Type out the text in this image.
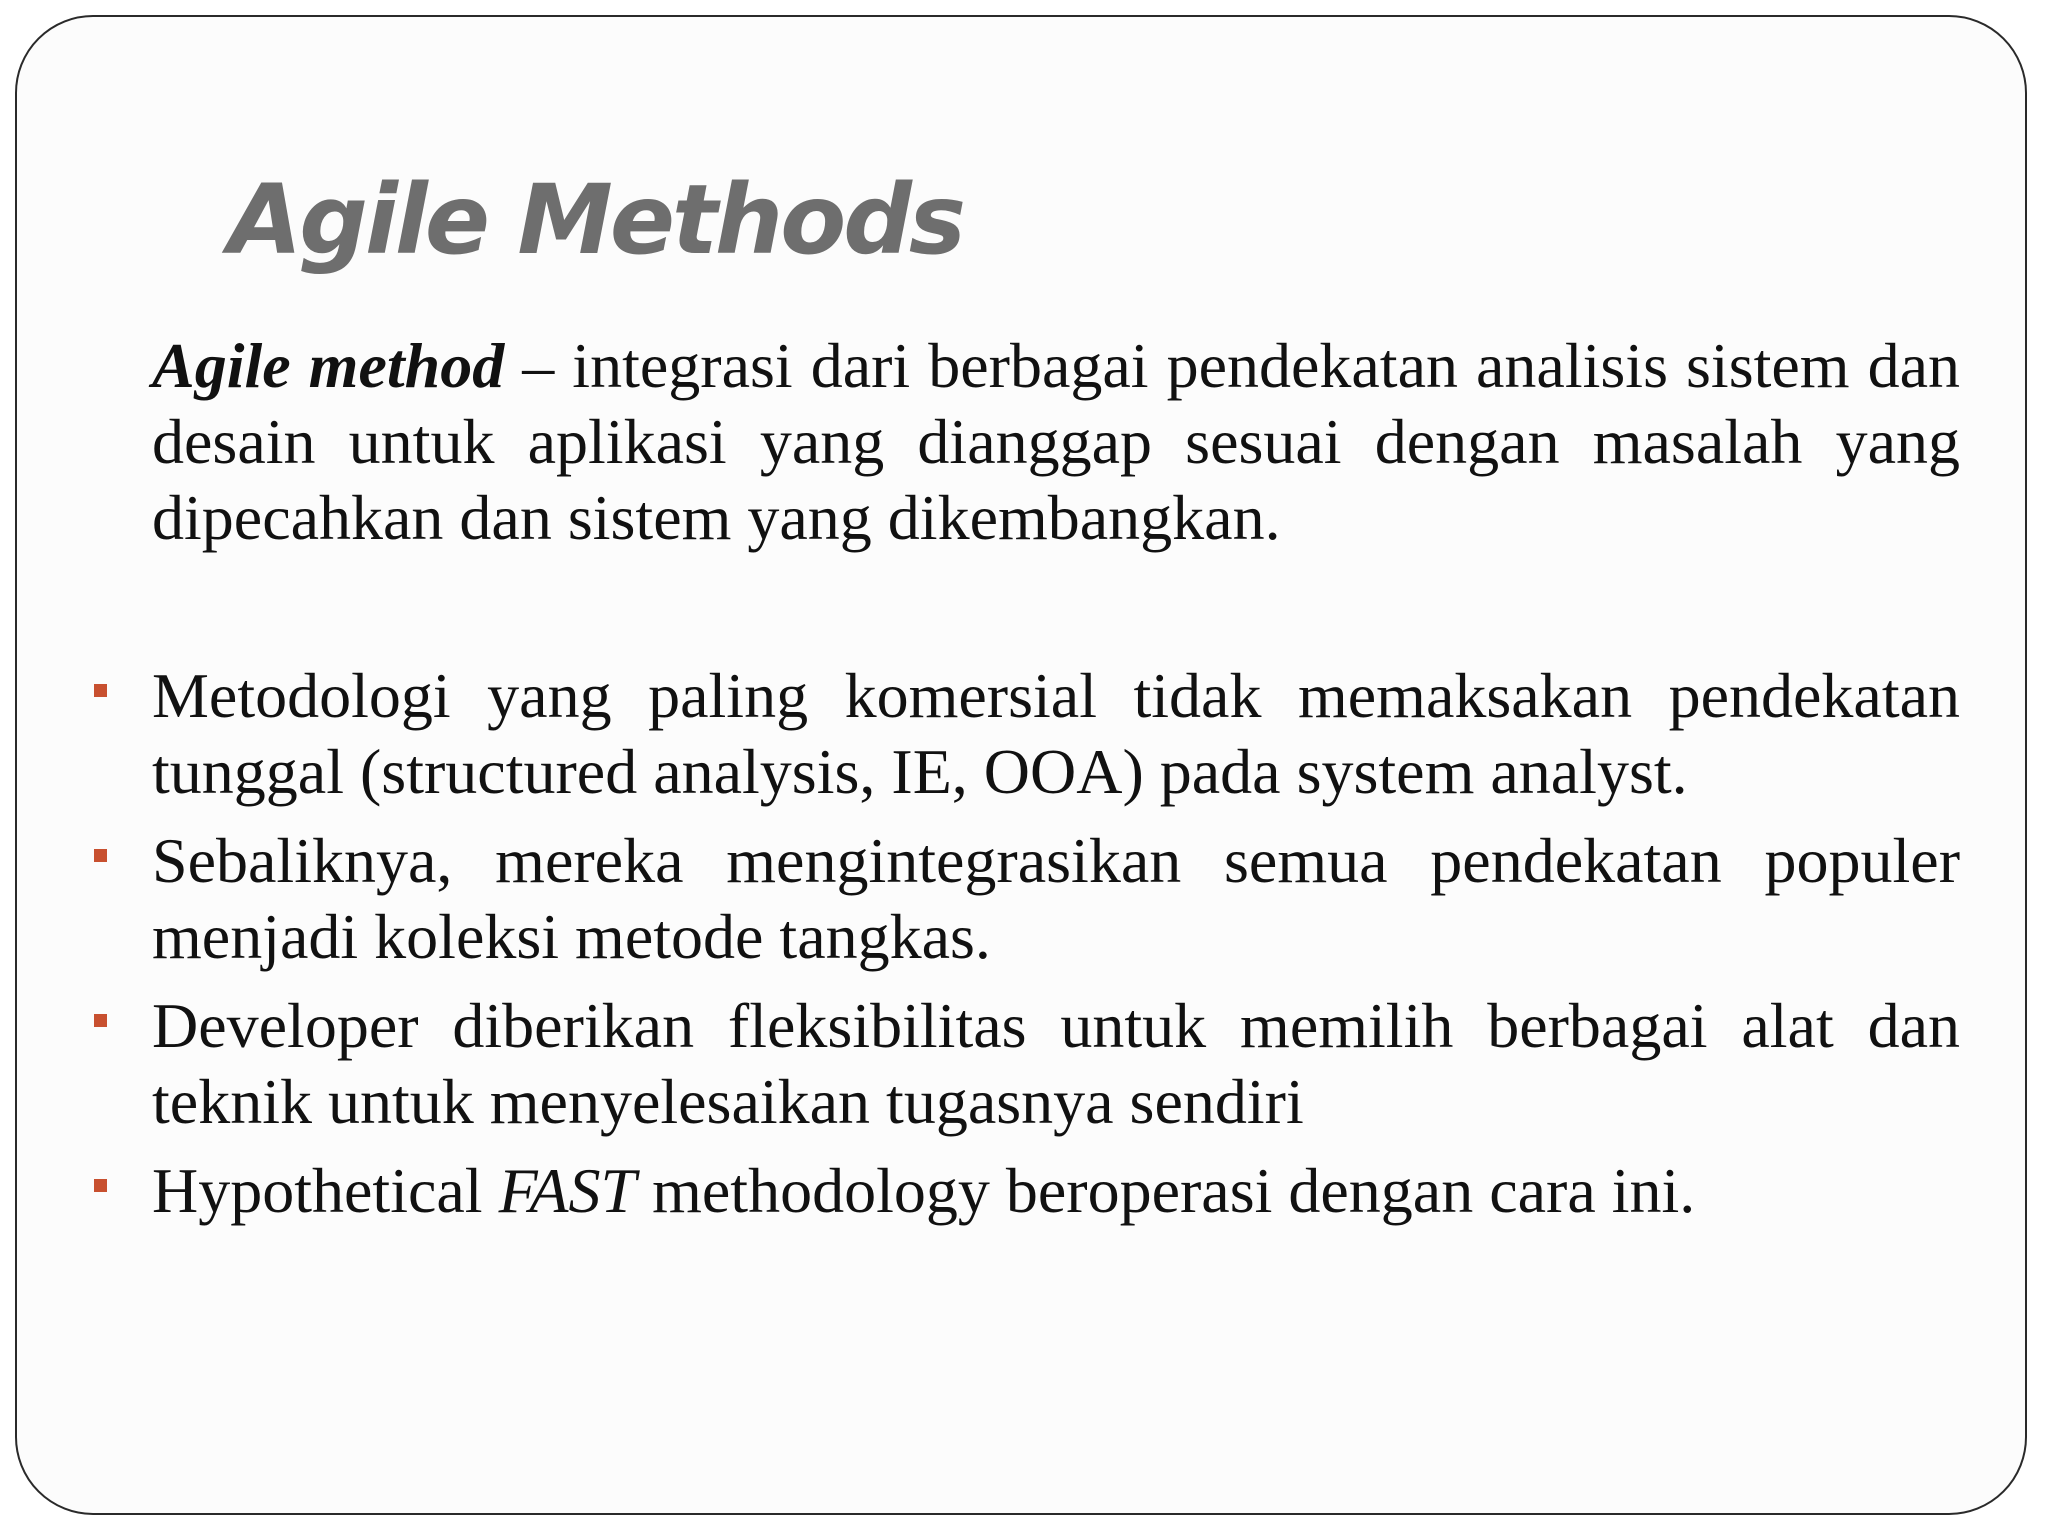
Agile Methods

Agile method – integrasi dari berbagai pendekatan analisis sistem dan desain untuk aplikasi yang dianggap sesuai dengan masalah yang dipecahkan dan sistem yang dikembangkan.

Metodologi yang paling komersial tidak memaksakan pendekatan tunggal (structured analysis, IE, OOA) pada system analyst.
Sebaliknya, mereka mengintegrasikan semua pendekatan populer menjadi koleksi metode tangkas.
Developer diberikan fleksibilitas untuk memilih berbagai alat dan teknik untuk menyelesaikan tugasnya sendiri
Hypothetical FAST methodology beroperasi dengan cara ini.
